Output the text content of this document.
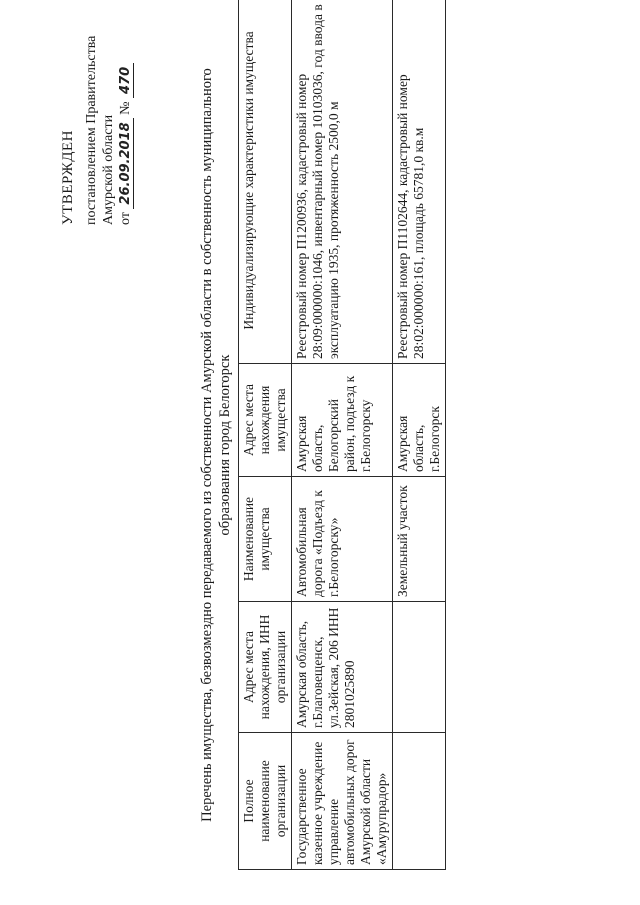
УТВЕРЖДЕН постановлением Правительства Амурской области от 26.09.2018 № 470	Перечень имущества, безвозмездно передаваемого из собственности Амурской области в собственность муниципального образования город Белогорск
Полное наименование организации	Адрес места нахождения, ИНН организации	Наименование имущества	Адрес места нахождения имущества	Индивидуализирующие характеристики имущества
Государственное казенное учреждение управление автомобильных дорог Амурской области «Амурупрадор»	Амурская область, г.Благовещенск, ул.Зейская, 206 ИНН 2801025890	Автомобильная дорога «Подъезд к г.Белогорску»	Амурская область, Белогорский район, подъезд к г.Белогорску	Реестровый номер П1200936, кадастровый номер 28:09:000000:1046, инвентарный номер 10103036, год ввода в эксплуатацию 1935, протяженность 2500,0 м
		Земельный участок	Амурская область, г.Белогорск	Реестровый номер П1102644, кадастровый номер 28:02:000000:161, площадь 65781,0 кв.м
